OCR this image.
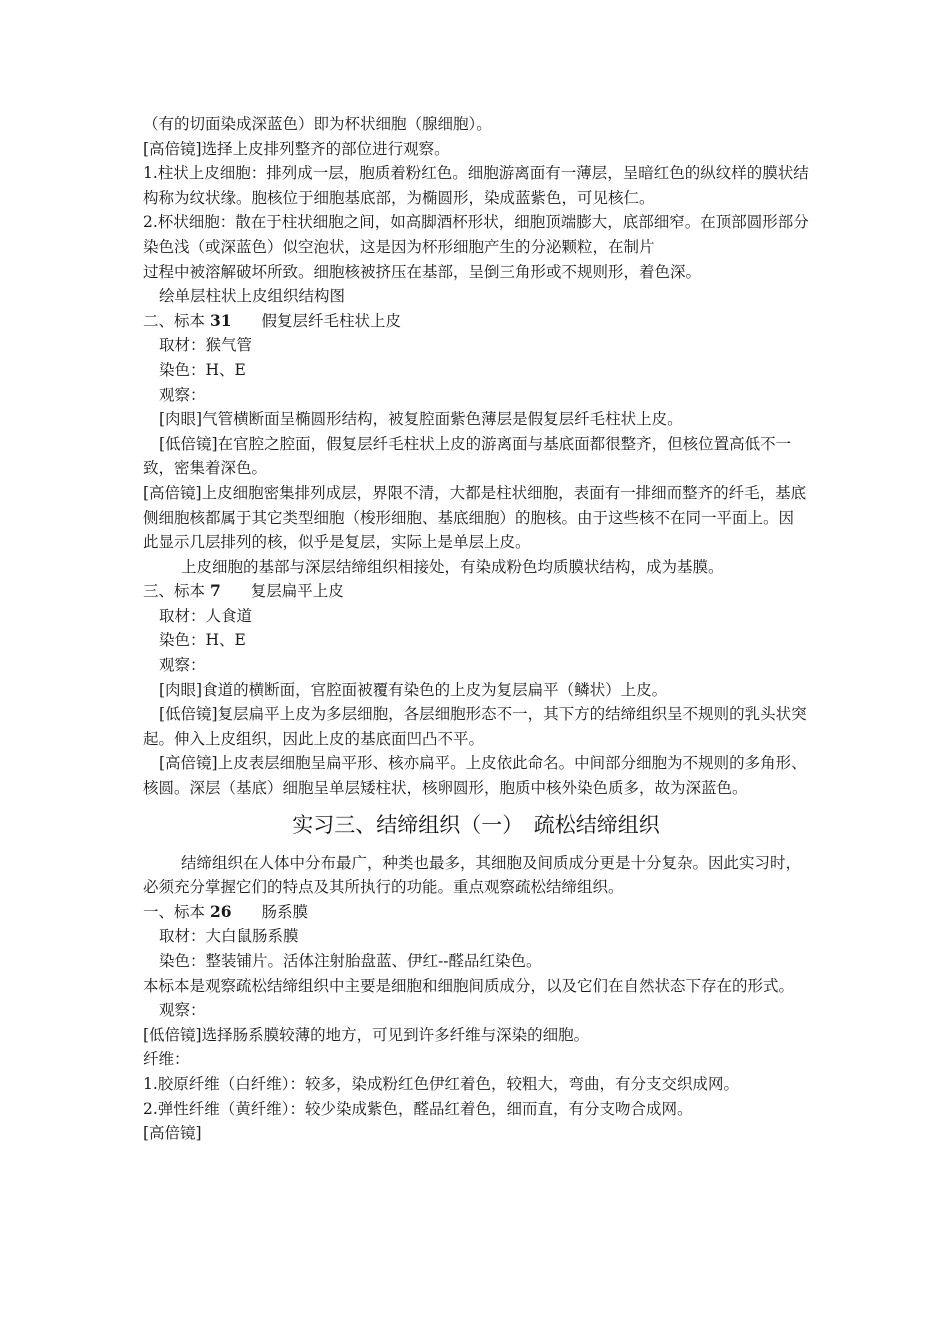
（有的切面染成深蓝色）即为杯状细胞（腺细胞）。

[高倍镜]选择上皮排列整齐的部位进行观察。

1.柱状上皮细胞：排列成一层，胞质着粉红色。细胞游离面有一薄层，呈暗红色的纵纹样的膜状结构称为纹状缘。胞核位于细胞基底部，为椭圆形，染成蓝紫色，可见核仁。

2.杯状细胞：散在于柱状细胞之间，如高脚酒杯形状，细胞顶端膨大，底部细窄。在顶部圆形部分染色浅（或深蓝色）似空泡状，这是因为杯形细胞产生的分泌颗粒，在制片

过程中被溶解破坏所致。细胞核被挤压在基部，呈倒三角形或不规则形，着色深。

绘单层柱状上皮组织结构图

二、标本 31 假复层纤毛柱状上皮

取材：猴气管

染色：H、E

观察：

[肉眼]气管横断面呈椭圆形结构，被复腔面紫色薄层是假复层纤毛柱状上皮。

[低倍镜]在官腔之腔面，假复层纤毛柱状上皮的游离面与基底面都很整齐，但核位置高低不一致，密集着深色。

[高倍镜]上皮细胞密集排列成层，界限不清，大都是柱状细胞，表面有一排细而整齐的纤毛，基底侧细胞核都属于其它类型细胞（梭形细胞、基底细胞）的胞核。由于这些核不在同一平面上。因此显示几层排列的核，似乎是复层，实际上是单层上皮。

上皮细胞的基部与深层结缔组织相接处，有染成粉色均质膜状结构，成为基膜。

三、标本 7 复层扁平上皮

取材：人食道

染色：H、E

观察：

[肉眼]食道的横断面，官腔面被覆有染色的上皮为复层扁平（鳞状）上皮。

[低倍镜]复层扁平上皮为多层细胞，各层细胞形态不一，其下方的结缔组织呈不规则的乳头状突起。伸入上皮组织，因此上皮的基底面凹凸不平。

[高倍镜]上皮表层细胞呈扁平形、核亦扁平。上皮依此命名。中间部分细胞为不规则的多角形、核圆。深层（基底）细胞呈单层矮柱状，核卵圆形，胞质中核外染色质多，故为深蓝色。

实习三、结缔组织（一）　疏松结缔组织

结缔组织在人体中分布最广，种类也最多，其细胞及间质成分更是十分复杂。因此实习时，必须充分掌握它们的特点及其所执行的功能。重点观察疏松结缔组织。

一、标本 26 肠系膜

取材：大白鼠肠系膜

染色：整装铺片。活体注射胎盘蓝、伊红--醛品红染色。

本标本是观察疏松结缔组织中主要是细胞和细胞间质成分，以及它们在自然状态下存在的形式。

观察：

[低倍镜]选择肠系膜较薄的地方，可见到许多纤维与深染的细胞。

纤维：

1.胶原纤维（白纤维）：较多，染成粉红色伊红着色，较粗大，弯曲，有分支交织成网。

2.弹性纤维（黄纤维）：较少染成紫色，醛品红着色，细而直，有分支吻合成网。

[高倍镜]
